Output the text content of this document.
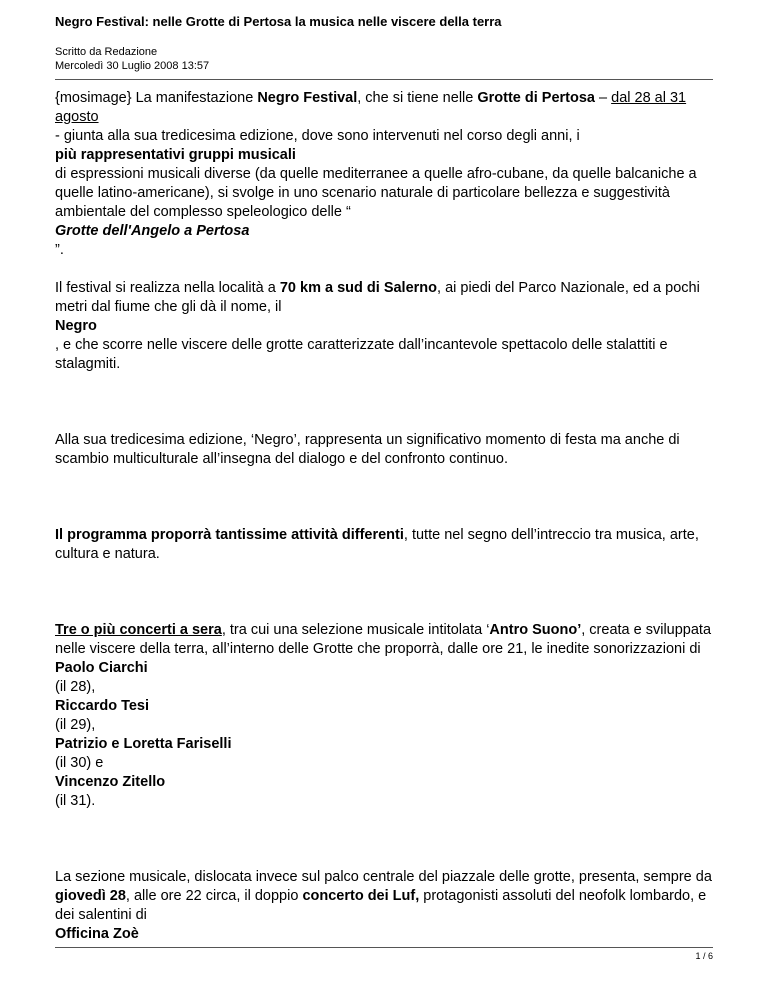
Negro Festival: nelle Grotte di Pertosa la musica nelle viscere della terra
Scritto da Redazione
Mercoledì 30 Luglio 2008 13:57

{mosimage} La manifestazione Negro Festival, che si tiene nelle Grotte di Pertosa – dal 28 al 31 agosto

- giunta alla sua tredicesima edizione, dove sono intervenuti nel corso degli anni, i

più rappresentativi gruppi musicali

di espressioni musicali diverse (da quelle mediterranee a quelle afro-cubane, da quelle balcaniche a quelle latino-americane), si svolge in uno scenario naturale di particolare bellezza e suggestività ambientale del complesso speleologico delle “

Grotte dell'Angelo a Pertosa

”.

Il festival si realizza nella località a 70 km a sud di Salerno, ai piedi del Parco Nazionale, ed a pochi metri dal fiume che gli dà il nome, il

Negro

, e che scorre nelle viscere delle grotte caratterizzate dall’incantevole spettacolo delle stalattiti e stalagmiti.

Alla sua tredicesima edizione, ‘Negro’, rappresenta un significativo momento di festa ma anche di scambio multiculturale all’insegna del dialogo e del confronto continuo.

Il programma proporrà tantissime attività differenti, tutte nel segno dell’intreccio tra musica, arte, cultura e natura.

Tre o più concerti a sera, tra cui una selezione musicale intitolata ‘Antro Suono’, creata e sviluppata nelle viscere della terra, all’interno delle Grotte che proporrà, dalle ore 21, le inedite sonorizzazioni di

Paolo Ciarchi

(il 28),

Riccardo Tesi

(il 29),

Patrizio e Loretta Fariselli

(il 30) e

Vincenzo Zitello

(il 31).

La sezione musicale, dislocata invece sul palco centrale del piazzale delle grotte, presenta, sempre da giovedì 28, alle ore 22 circa, il doppio concerto dei Luf, protagonisti assoluti del neofolk lombardo, e dei salentini di

Officina Zoè

1 / 6
